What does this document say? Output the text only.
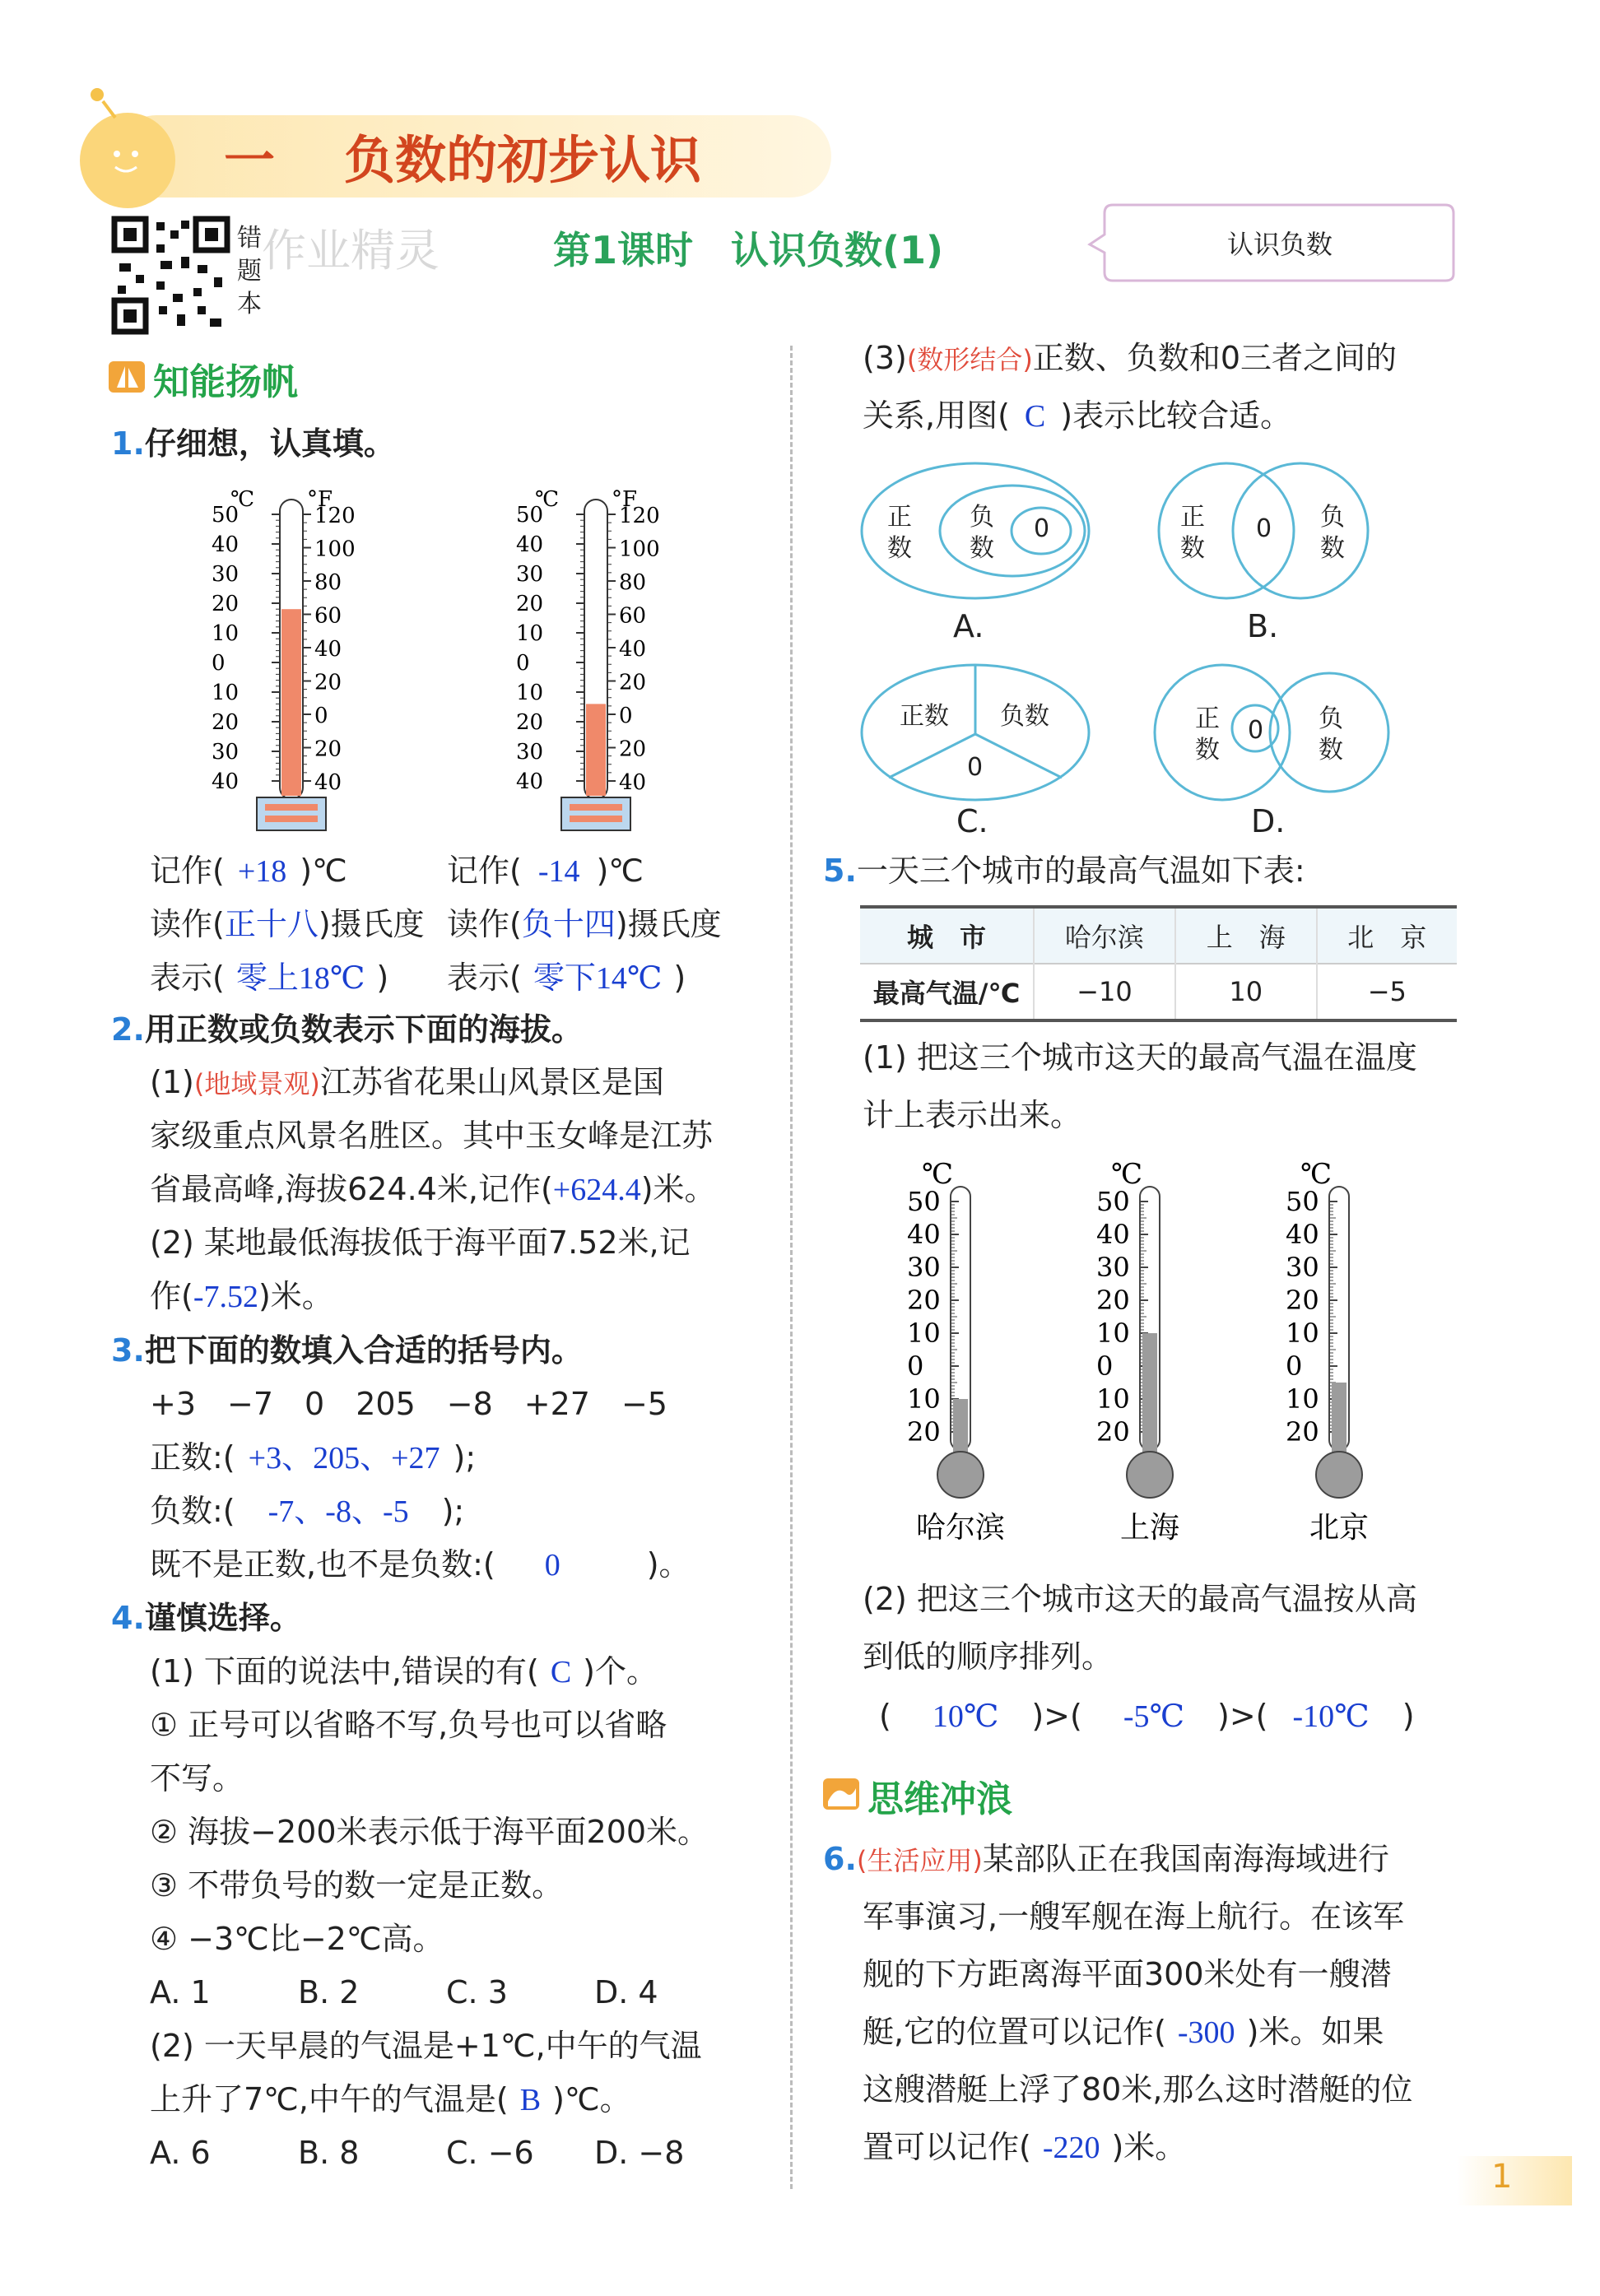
一 负数的初步认识
错题本
作业精灵	第1课时　认识负数(1)	认识负数
知能扬帆
1.仔细想，认真填。
℃ °F
50
40
30
20
10
0
10
20
30
40
120
100
80
60
40
20
0
20
40
℃ °F
50
40
30
20
10
0
10
20
30
40
120
100
80
60
40
20
0
20
40
记作( +18 )℃
读作(正十八)摄氏度
表示( 零上18℃ )
记作( -14 )℃
读作(负十四)摄氏度
表示( 零下14℃ )
2.用正数或负数表示下面的海拔。
(1)(地域景观)江苏省花果山风景区是国
家级重点风景名胜区。其中玉女峰是江苏
省最高峰,海拔624.4米,记作(+624.4)米。
(2) 某地最低海拔低于海平面7.52米,记
作(-7.52)米。
3.把下面的数填入合适的括号内。
+3　−7　0　205　−8　+27　−5
正数:( +3、205、+27 );
负数:( -7、-8、-5 );
既不是正数,也不是负数:( 0	)。
4.谨慎选择。
(1) 下面的说法中,错误的有( C )个。
① 正号可以省略不写,负号也可以省略
不写。
② 海拔−200米表示低于海平面200米。
③ 不带负号的数一定是正数。
④ −3℃比−2℃高。
A. 1	B. 2	C. 3	D. 4
(2) 一天早晨的气温是+1℃,中午的气温
上升了7℃,中午的气温是( B )℃。
A. 6	B. 8	C. −6 D. −8
(3)(数形结合)正数、负数和0三者之间的
关系,用图( C )表示比较合适。
正数
负数
0
A.
正数
0 负数
B.
正数 负数
0
C.
正数
0 负数
D.
5.一天三个城市的最高气温如下表:
城　市	哈尔滨	上　海	北　京
最高气温/℃	−10	10	−5
(1) 把这三个城市这天的最高气温在温度
计上表示出来。
℃
50
40
30
20
10
0
10
20
哈尔滨
℃
50
40
30
20
10
0
10
20
上海
℃
50
40
30
20
10
0
10
20
北京
(2) 把这三个城市这天的最高气温按从高
到低的顺序排列。
( 10℃ )>( -5℃ )>( -10℃ )
思维冲浪
6.(生活应用)某部队正在我国南海海域进行
军事演习,一艘军舰在海上航行。在该军
舰的下方距离海平面300米处有一艘潜
艇,它的位置可以记作( -300 )米。如果
这艘潜艇上浮了80米,那么这时潜艇的位
置可以记作( -220 )米。
1
